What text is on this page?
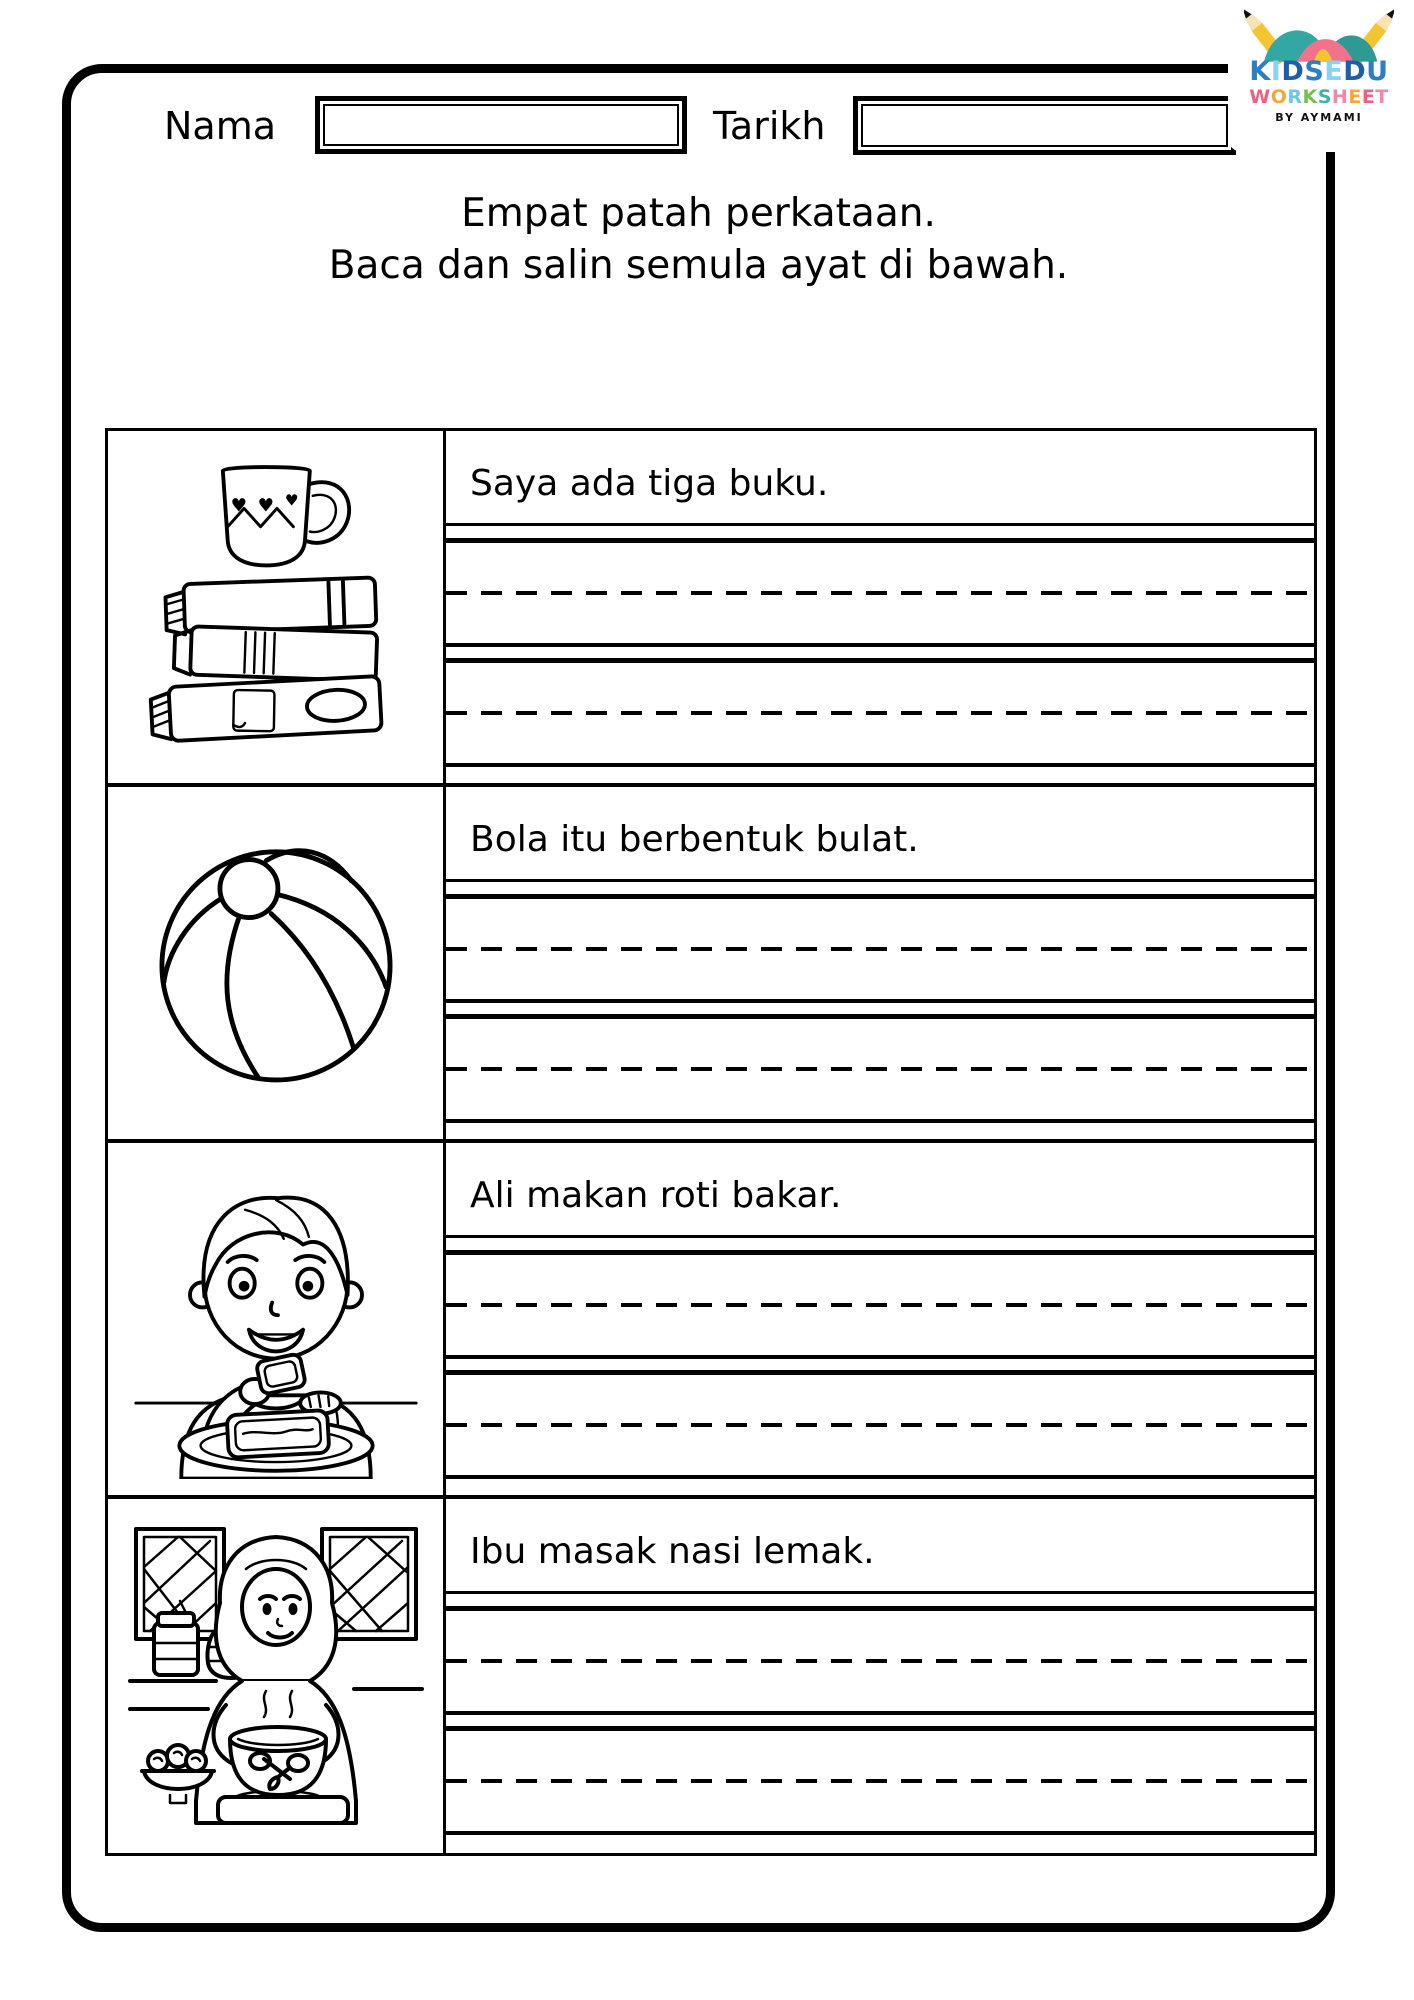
KIDSEDU
WORKSHEET
BY AYMAMI
Nama	Tarikh
Empat patah perkataan.
Baca dan salin semula ayat di bawah.
♥ ♥ ♥	Saya ada tiga buku.
Bola itu berbentuk bulat.
Ali makan roti bakar.
Ibu masak nasi lemak.
